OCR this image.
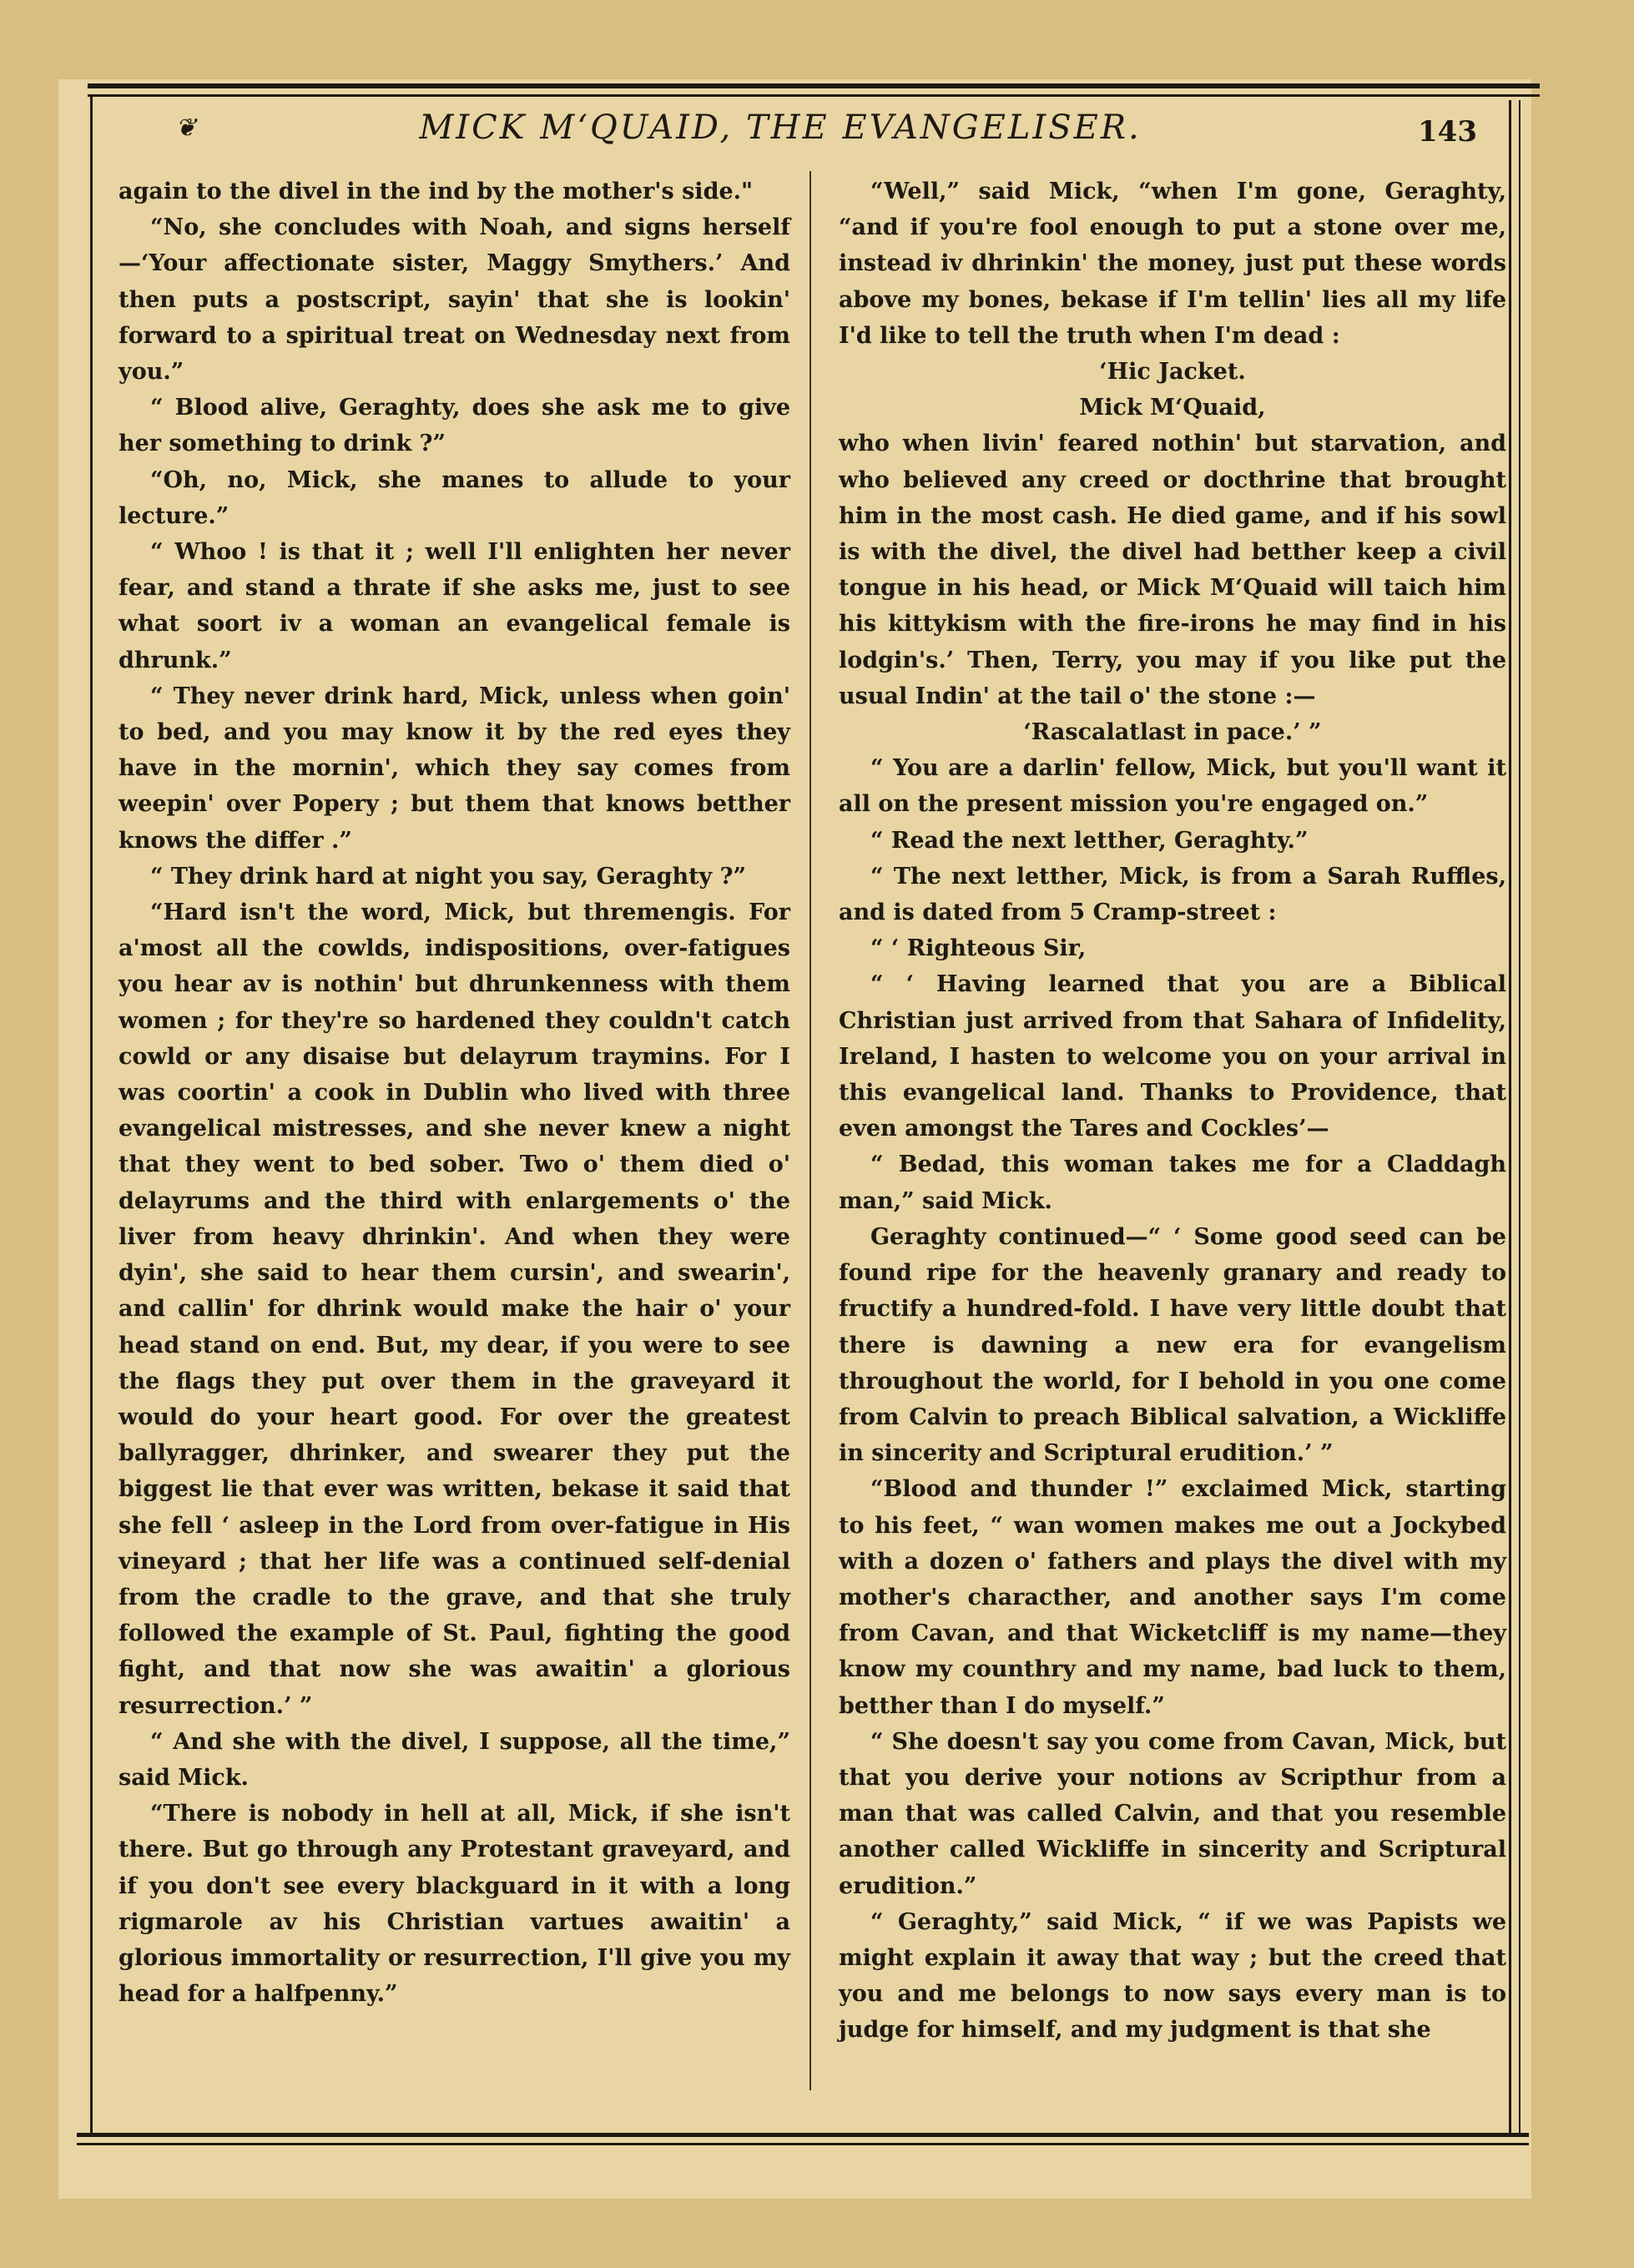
❦	MICK M‘QUAID, THE EVANGELISER.	143

again to the divel in the ind by the mother's side."

“No, she concludes with Noah, and signs herself—‘Your affectionate sister, Maggy Smythers.’ And then puts a postscript, sayin' that she is lookin' forward to a spiritual treat on Wednesday next from you.”

“ Blood alive, Geraghty, does she ask me to give her something to drink ?”

“Oh, no, Mick, she manes to allude to your lecture.”

“ Whoo ! is that it ; well I'll enlighten her never fear, and stand a thrate if she asks me, just to see what soort iv a woman an evangelical female is dhrunk.”

“ They never drink hard, Mick, unless when goin' to bed, and you may know it by the red eyes they have in the mornin', which they say comes from weepin' over Popery ; but them that knows betther knows the differ .”

“ They drink hard at night you say, Geraghty ?”

“Hard isn't the word, Mick, but thremengis. For a'most all the cowlds, indispositions, over-fatigues you hear av is nothin' but dhrunkenness with them women ; for they're so hardened they couldn't catch cowld or any disaise but delayrum traymins. For I was coortin' a cook in Dublin who lived with three evangelical mistresses, and she never knew a night that they went to bed sober. Two o' them died o' delayrums and the third with enlargements o' the liver from heavy dhrinkin'. And when they were dyin', she said to hear them cursin', and swearin', and callin' for dhrink would make the hair o' your head stand on end. But, my dear, if you were to see the flags they put over them in the graveyard it would do your heart good. For over the greatest ballyragger, dhrinker, and swearer they put the biggest lie that ever was written, bekase it said that she fell ‘ asleep in the Lord from over-fatigue in His vineyard ; that her life was a continued self-denial from the cradle to the grave, and that she truly followed the example of St. Paul, fighting the good fight, and that now she was awaitin' a glorious resurrection.’ ”

“ And she with the divel, I suppose, all the time,” said Mick.

“There is nobody in hell at all, Mick, if she isn't there. But go through any Protestant graveyard, and if you don't see every blackguard in it with a long rigmarole av his Christian vartues awaitin' a glorious immortality or resurrection, I'll give you my head for a halfpenny.”

“Well,” said Mick, “when I'm gone, Geraghty, “and if you're fool enough to put a stone over me, instead iv dhrinkin' the money, just put these words above my bones, bekase if I'm tellin' lies all my life I'd like to tell the truth when I'm dead :

‘Hic Jacket.

Mick M‘Quaid,

who when livin' feared nothin' but starvation, and who believed any creed or docthrine that brought him in the most cash. He died game, and if his sowl is with the divel, the divel had betther keep a civil tongue in his head, or Mick M‘Quaid will taich him his kittykism with the fire-irons he may find in his lodgin's.’ Then, Terry, you may if you like put the usual Indin' at the tail o' the stone :—

‘Rascalatlast in pace.’ ”

“ You are a darlin' fellow, Mick, but you'll want it all on the present mission you're engaged on.”

“ Read the next letther, Geraghty.”

“ The next letther, Mick, is from a Sarah Ruffles, and is dated from 5 Cramp-street :

“ ‘ Righteous Sir,

“ ‘ Having learned that you are a Biblical Christian just arrived from that Sahara of Infidelity, Ireland, I hasten to welcome you on your arrival in this evangelical land. Thanks to Providence, that even amongst the Tares and Cockles’—

“ Bedad, this woman takes me for a Claddagh man,” said Mick.

Geraghty continued—“ ‘ Some good seed can be found ripe for the heavenly granary and ready to fructify a hundred-fold. I have very little doubt that there is dawning a new era for evangelism throughout the world, for I behold in you one come from Calvin to preach Biblical salvation, a Wickliffe in sincerity and Scriptural erudition.’ ”

“Blood and thunder !” exclaimed Mick, starting to his feet, “ wan women makes me out a Jockybed with a dozen o' fathers and plays the divel with my mother's characther, and another says I'm come from Cavan, and that Wicketcliff is my name—they know my counthry and my name, bad luck to them, betther than I do myself.”

“ She doesn't say you come from Cavan, Mick, but that you derive your notions av Scripthur from a man that was called Calvin, and that you resemble another called Wickliffe in sincerity and Scriptural erudition.”

“ Geraghty,” said Mick, “ if we was Papists we might explain it away that way ; but the creed that you and me belongs to now says every man is to judge for himself, and my judgment is that she
